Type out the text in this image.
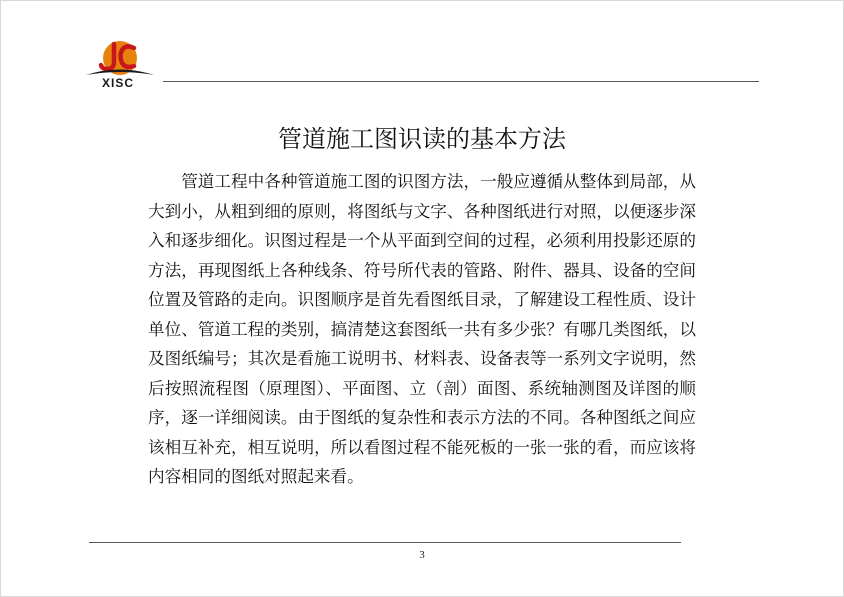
XISC
管道施工图识读的基本方法

管道工程中各种管道施工图的识图方法，一般应遵循从整体到局部，从大到小，从粗到细的原则，将图纸与文字、各种图纸进行对照，以便逐步深入和逐步细化。识图过程是一个从平面到空间的过程，必须利用投影还原的方法，再现图纸上各种线条、符号所代表的管路、附件、器具、设备的空间位置及管路的走向。识图顺序是首先看图纸目录，了解建设工程性质、设计单位、管道工程的类别，搞清楚这套图纸一共有多少张？有哪几类图纸，以及图纸编号；其次是看施工说明书、材料表、设备表等一系列文字说明，然后按照流程图（原理图）、平面图、立（剖）面图、系统轴测图及详图的顺序，逐一详细阅读。由于图纸的复杂性和表示方法的不同。各种图纸之间应该相互补充，相互说明，所以看图过程不能死板的一张一张的看，而应该将内容相同的图纸对照起来看。

3
